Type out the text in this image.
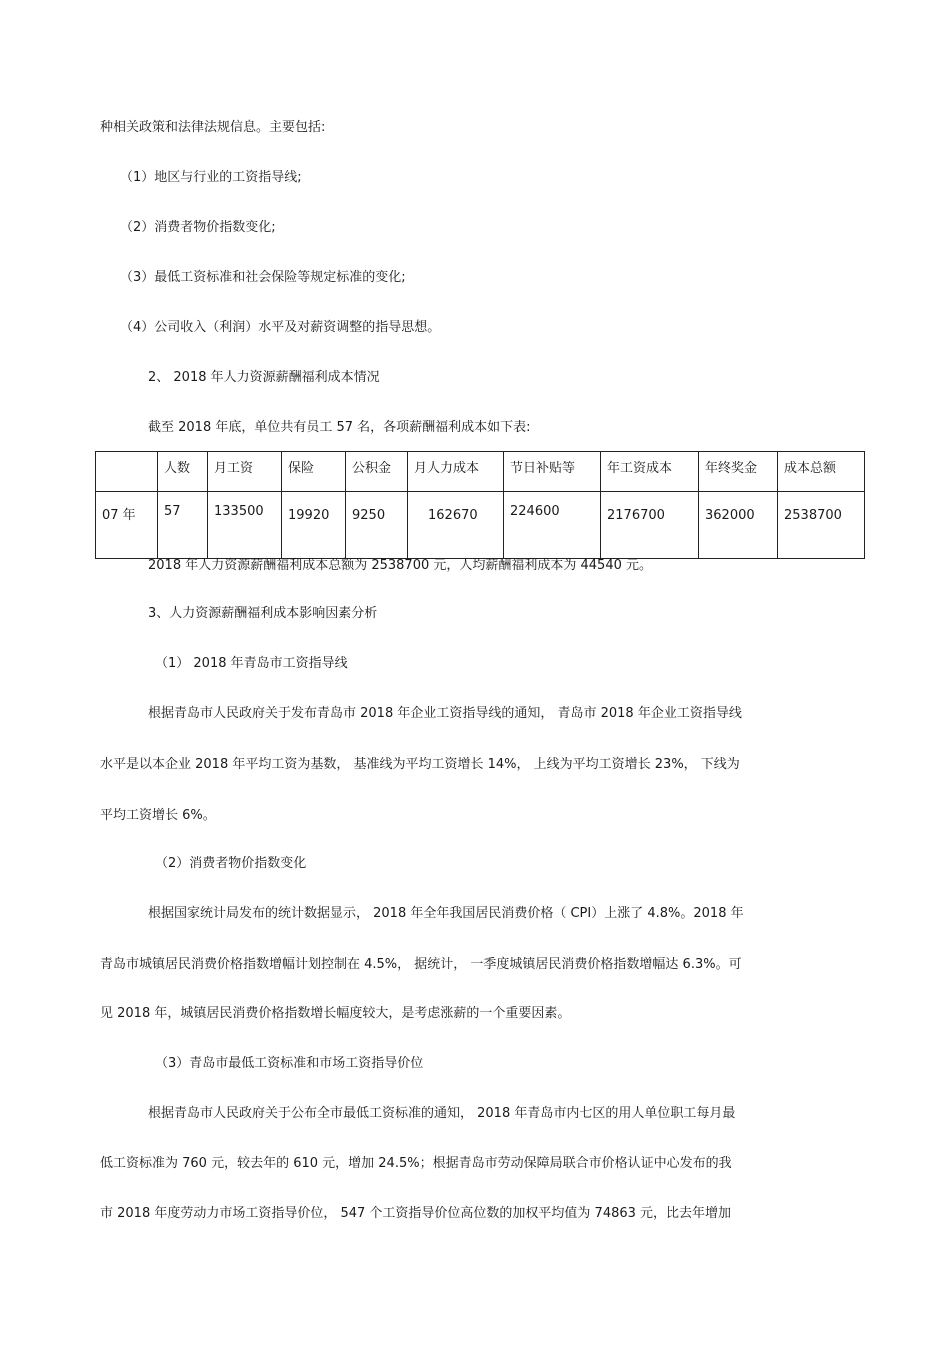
种相关政策和法律法规信息。主要包括:
（1）地区与行业的工资指导线;
（2）消费者物价指数变化;
（3）最低工资标准和社会保险等规定标准的变化;
（4）公司收入（利润）水平及对薪资调整的指导思想。
2、 2018 年人力资源薪酬福利成本情况
截至 2018 年底，单位共有员工 57 名，各项薪酬福利成本如下表:
	人数	月工资	保险	公积金	月人力成本	节日补贴等	年工资成本	年终奖金	成本总额
07 年	57	133500	19920	9250	162670	224600	2176700	362000	2538700
2018 年人力资源薪酬福利成本总额为 2538700 元，人均薪酬福利成本为 44540 元。
3、人力资源薪酬福利成本影响因素分析
（1） 2018 年青岛市工资指导线
根据青岛市人民政府关于发布青岛市 2018 年企业工资指导线的通知， 青岛市 2018 年企业工资指导线
水平是以本企业 2018 年平均工资为基数， 基准线为平均工资增长 14%， 上线为平均工资增长 23%， 下线为
平均工资增长 6%。
（2）消费者物价指数变化
根据国家统计局发布的统计数据显示， 2018 年全年我国居民消费价格（ CPI）上涨了 4.8%。2018 年
青岛市城镇居民消费价格指数增幅计划控制在 4.5%， 据统计， 一季度城镇居民消费价格指数增幅达 6.3%。可
见 2018 年，城镇居民消费价格指数增长幅度较大，是考虑涨薪的一个重要因素。
（3）青岛市最低工资标准和市场工资指导价位
根据青岛市人民政府关于公布全市最低工资标准的通知， 2018 年青岛市内七区的用人单位职工每月最
低工资标准为 760 元，较去年的 610 元，增加 24.5%；根据青岛市劳动保障局联合市价格认证中心发布的我
市 2018 年度劳动力市场工资指导价位， 547 个工资指导价位高位数的加权平均值为 74863 元，比去年增加
